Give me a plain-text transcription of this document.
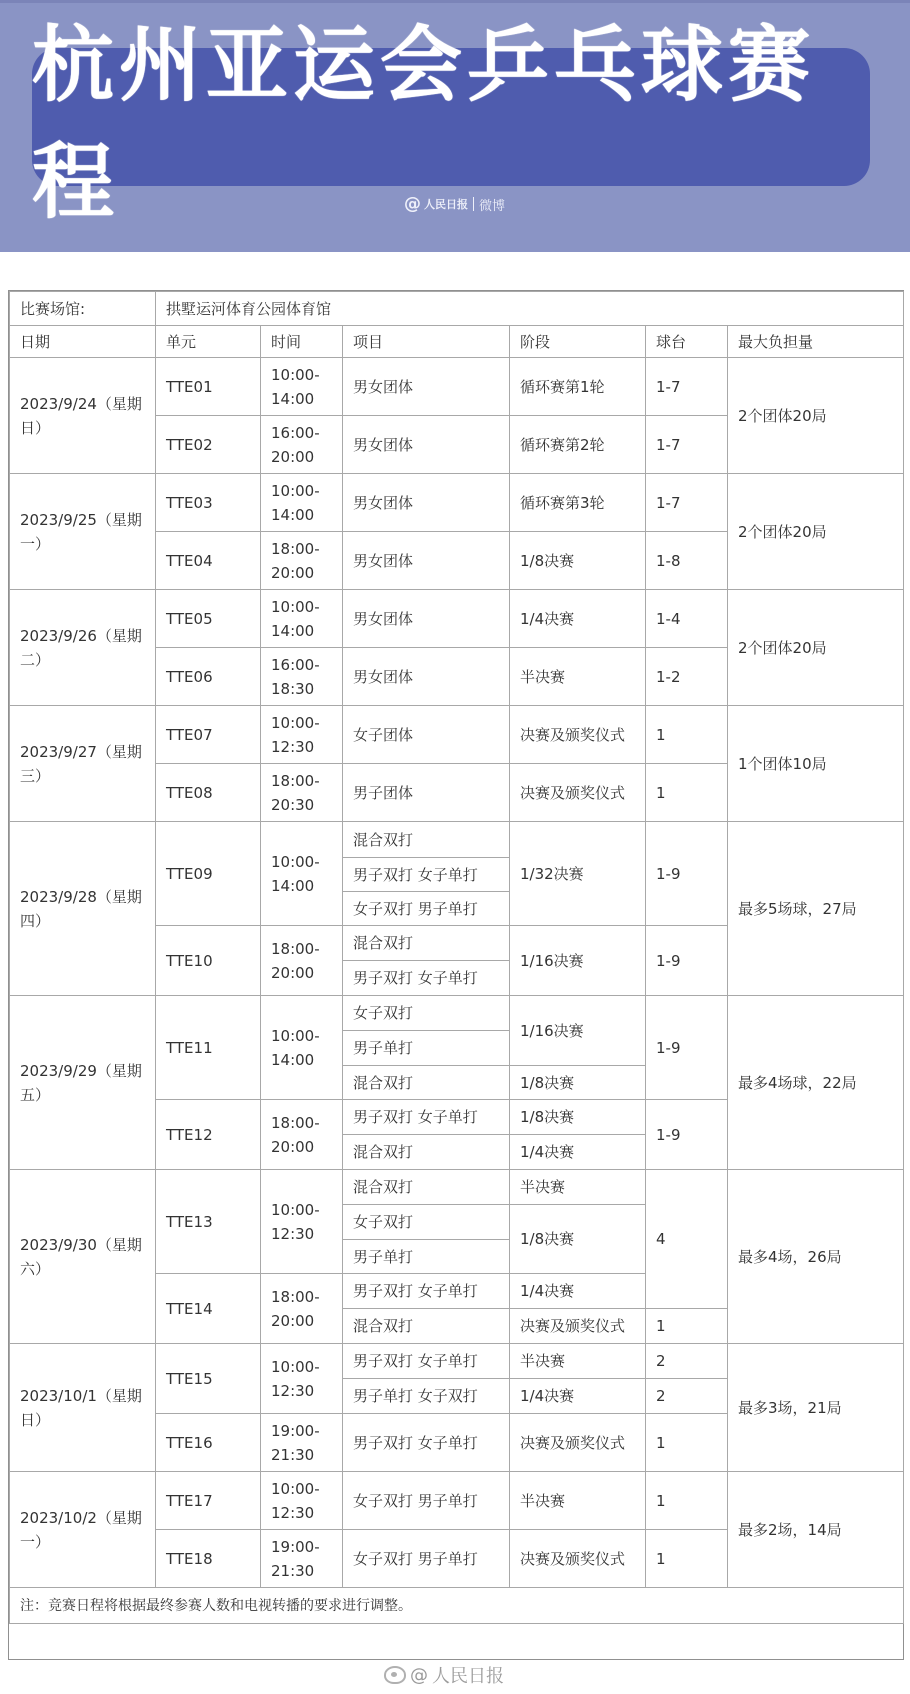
杭州亚运会乒乓球赛程	@ 人民日报 微博
比赛场馆:	拱墅运河体育公园体育馆					
日期	单元	时间	项目	阶段	球台	最大负担量
2023/9/24（星期日）	TTE01	10:00-14:00	男女团体	循环赛第1轮	1-7	2个团体20局
	TTE02	16:00-20:00	男女团体	循环赛第2轮	1-7	
2023/9/25（星期一）	TTE03	10:00-14:00	男女团体	循环赛第3轮	1-7	2个团体20局
	TTE04	18:00-20:00	男女团体	1/8决赛	1-8	
2023/9/26（星期二）	TTE05	10:00-14:00	男女团体	1/4决赛	1-4	2个团体20局
	TTE06	16:00-18:30	男女团体	半决赛	1-2	
2023/9/27（星期三）	TTE07	10:00-12:30	女子团体	决赛及颁奖仪式	1	1个团体10局
	TTE08	18:00-20:30	男子团体	决赛及颁奖仪式	1	
2023/9/28（星期四）	TTE09	10:00-14:00	混合双打	1/32决赛	1-9	最多5场球，27局
			男子双打 女子单打			
			女子双打 男子单打			
	TTE10	18:00-20:00	混合双打	1/16决赛	1-9	
			男子双打 女子单打			
2023/9/29（星期五）	TTE11	10:00-14:00	女子双打	1/16决赛	1-9	最多4场球，22局
			男子单打			
			混合双打	1/8决赛		
	TTE12	18:00-20:00	男子双打 女子单打	1/8决赛	1-9	
			混合双打	1/4决赛		
2023/9/30（星期六）	TTE13	10:00-12:30	混合双打	半决赛	4	最多4场，26局
			女子双打	1/8决赛		
			男子单打			
	TTE14	18:00-20:00	男子双打 女子单打	1/4决赛		
			混合双打	决赛及颁奖仪式	1	
2023/10/1（星期日）	TTE15	10:00-12:30	男子双打 女子单打	半决赛	2	最多3场，21局
			男子单打 女子双打	1/4决赛	2	
	TTE16	19:00-21:30	男子双打 女子单打	决赛及颁奖仪式	1	
2023/10/2（星期一）	TTE17	10:00-12:30	女子双打 男子单打	半决赛	1	最多2场，14局
	TTE18	19:00-21:30	女子双打 男子单打	决赛及颁奖仪式	1	
注：竞赛日程将根据最终参赛人数和电视转播的要求进行调整。						
@ 人民日报
